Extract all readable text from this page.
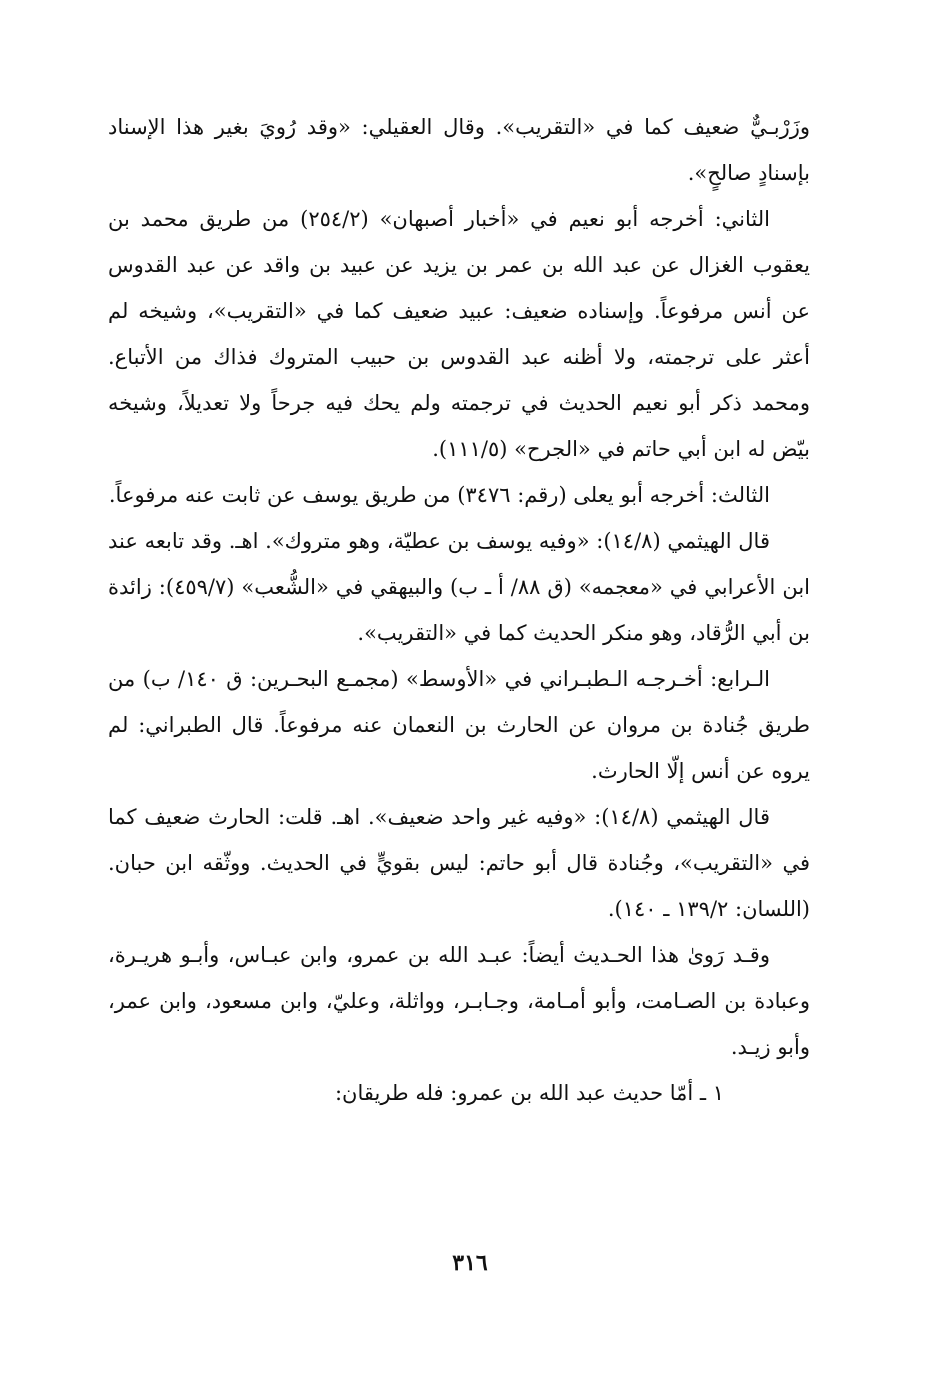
وزَرْبـيٌّ ضعيف كما في «التقريب». وقال العقيلي: «وقد رُويَ بغير هذا الإسناد بإسنادٍ صالحٍ».

الثاني: أخرجه أبو نعيم في «أخبار أصبهان» (٢٥٤/٢) من طريق محمد بن يعقوب الغزال عن عبد الله بن عمر بن يزيد عن عبيد بن واقد عن عبد القدوس عن أنس مرفوعاً. وإسناده ضعيف: عبيد ضعيف كما في «التقريب»، وشيخه لم أعثر على ترجمته، ولا أظنه عبد القدوس بن حبيب المتروك فذاك من الأتباع. ومحمد ذكر أبو نعيم الحديث في ترجمته ولم يحك فيه جرحاً ولا تعديلاً، وشيخه بيّض له ابن أبي حاتم في «الجرح» (١١١/٥).

الثالث: أخرجه أبو يعلى (رقم: ٣٤٧٦) من طريق يوسف عن ثابت عنه مرفوعاً.

قال الهيثمي (١٤/٨): «وفيه يوسف بن عطيّة، وهو متروك». اهـ. وقد تابعه عند ابن الأعرابي في «معجمه» (ق ٨٨/ أ ـ ب) والبيهقي في «الشُّعب» (٤٥٩/٧): زائدة بن أبي الرُّقاد، وهو منكر الحديث كما في «التقريب».

الـرابع: أخـرجـه الـطبـراني في «الأوسط» (مجمـع البحـرين: ق ١٤٠/ ب) من طريق جُنادة بن مروان عن الحارث بن النعمان عنه مرفوعاً. قال الطبراني: لم يروه عن أنس إلّا الحارث.

قال الهيثمي (١٤/٨): «وفيه غير واحد ضعيف». اهـ. قلت: الحارث ضعيف كما في «التقريب»، وجُنادة قال أبو حاتم: ليس بقويٍّ في الحديث. ووثّقه ابن حبان. (اللسان: ١٣٩/٢ ـ ١٤٠).

وقـد رَوىٰ هذا الحـديث أيضاً: عبـد الله بن عمرو، وابن عبـاس، وأبـو هريـرة، وعبادة بن الصـامت، وأبو أمـامة، وجـابـر، وواثلة، وعليّ، وابن مسعود، وابن عمر، وأبو زيـد.

١ ـ أمّا حديث عبد الله بن عمرو: فله طريقان:

٣١٦
